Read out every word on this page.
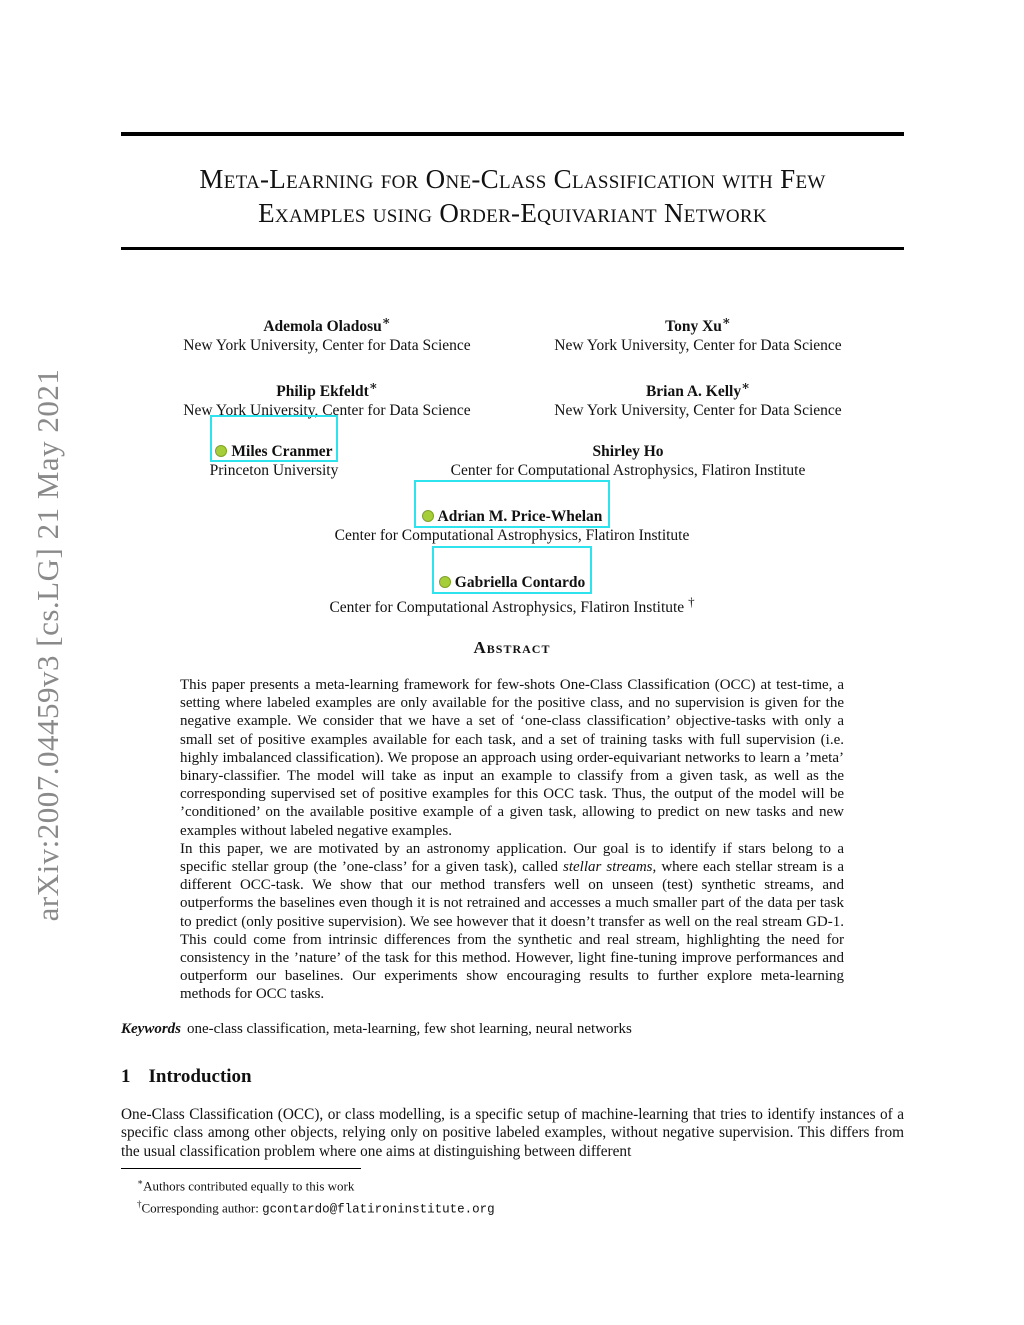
arXiv:2007.04459v3 [cs.LG] 21 May 2021
Meta-Learning for One-Class Classification with Few
Examples using Order-Equivariant Network
Ademola Oladosu∗
New York University, Center for Data Science
Tony Xu∗
New York University, Center for Data Science
Philip Ekfeldt∗
New York University, Center for Data Science
Brian A. Kelly∗
New York University, Center for Data Science
Miles Cranmer
Princeton University
Shirley Ho
Center for Computational Astrophysics, Flatiron Institute
Adrian M. Price-Whelan
Center for Computational Astrophysics, Flatiron Institute
Gabriella Contardo
Center for Computational Astrophysics, Flatiron Institute †
Abstract

This paper presents a meta-learning framework for few-shots One-Class Classification (OCC) at test-time, a setting where labeled examples are only available for the positive class, and no supervision is given for the negative example. We consider that we have a set of ‘one-class classification’ objective-tasks with only a small set of positive examples available for each task, and a set of training tasks with full supervision (i.e. highly imbalanced classification). We propose an approach using order-equivariant networks to learn a ’meta’ binary-classifier. The model will take as input an example to classify from a given task, as well as the corresponding supervised set of positive examples for this OCC task. Thus, the output of the model will be ’conditioned’ on the available positive example of a given task, allowing to predict on new tasks and new examples without labeled negative examples.

In this paper, we are motivated by an astronomy application. Our goal is to identify if stars belong to a specific stellar group (the ’one-class’ for a given task), called stellar streams, where each stellar stream is a different OCC-task. We show that our method transfers well on unseen (test) synthetic streams, and outperforms the baselines even though it is not retrained and accesses a much smaller part of the data per task to predict (only positive supervision). We see however that it doesn’t transfer as well on the real stream GD-1. This could come from intrinsic differences from the synthetic and real stream, highlighting the need for consistency in the ’nature’ of the task for this method. However, light fine-tuning improve performances and outperform our baselines. Our experiments show encouraging results to further explore meta-learning methods for OCC tasks.

Keywords one-class classification, meta-learning, few shot learning, neural networks
1 Introduction

One-Class Classification (OCC), or class modelling, is a specific setup of machine-learning that tries to identify instances of a specific class among other objects, relying only on positive labeled examples, without negative supervision. This differs from the usual classification problem where one aims at distinguishing between different

∗Authors contributed equally to this work
†Corresponding author: gcontardo@flatironinstitute.org
